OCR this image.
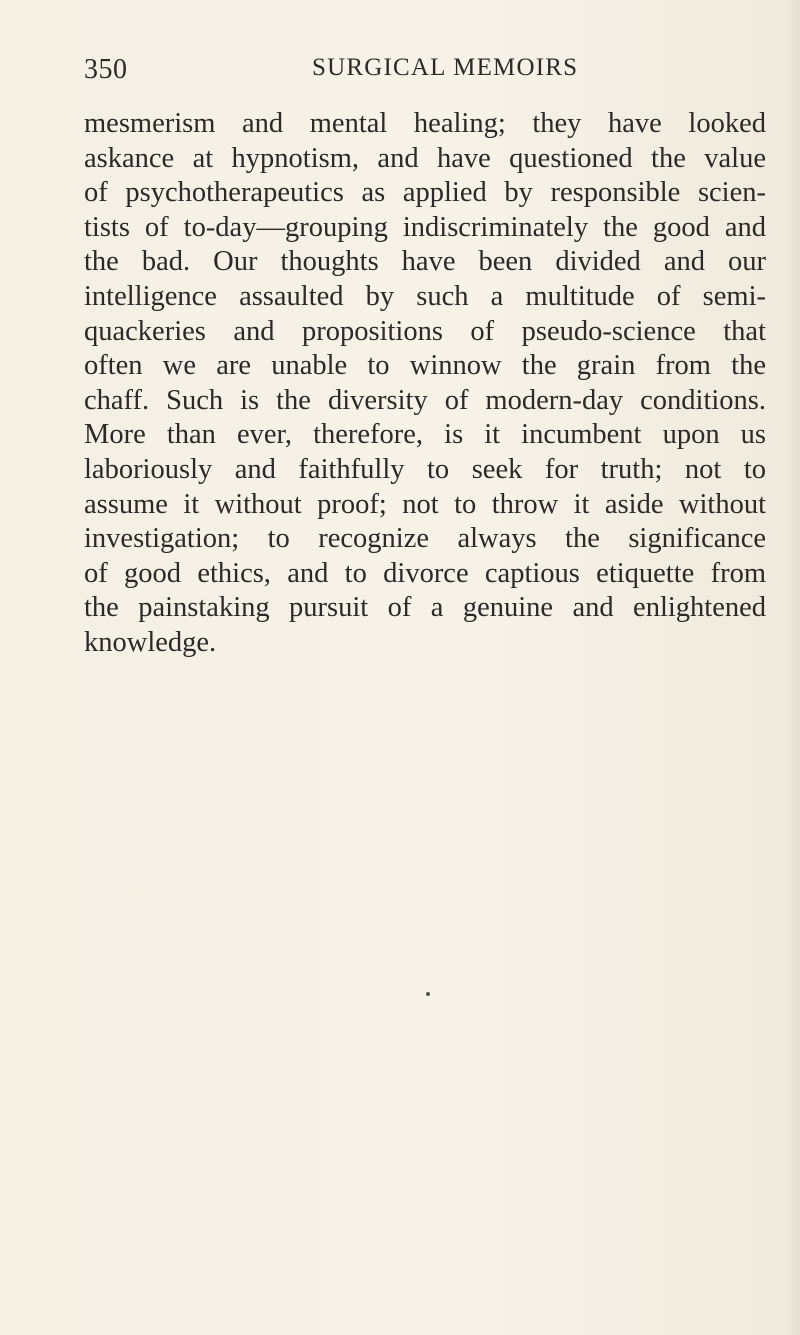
350	SURGICAL MEMOIRS
mesmerism and mental healing; they have looked
askance at hypnotism, and have questioned the value
of psychotherapeutics as applied by responsible scien-
tists of to-day—grouping indiscriminately the good and
the bad. Our thoughts have been divided and our
intelligence assaulted by such a multitude of semi-
quackeries and propositions of pseudo-science that
often we are unable to winnow the grain from the
chaff. Such is the diversity of modern-day conditions.
More than ever, therefore, is it incumbent upon us
laboriously and faithfully to seek for truth; not to
assume it without proof; not to throw it aside without
investigation; to recognize always the significance
of good ethics, and to divorce captious etiquette from
the painstaking pursuit of a genuine and enlightened
knowledge.
